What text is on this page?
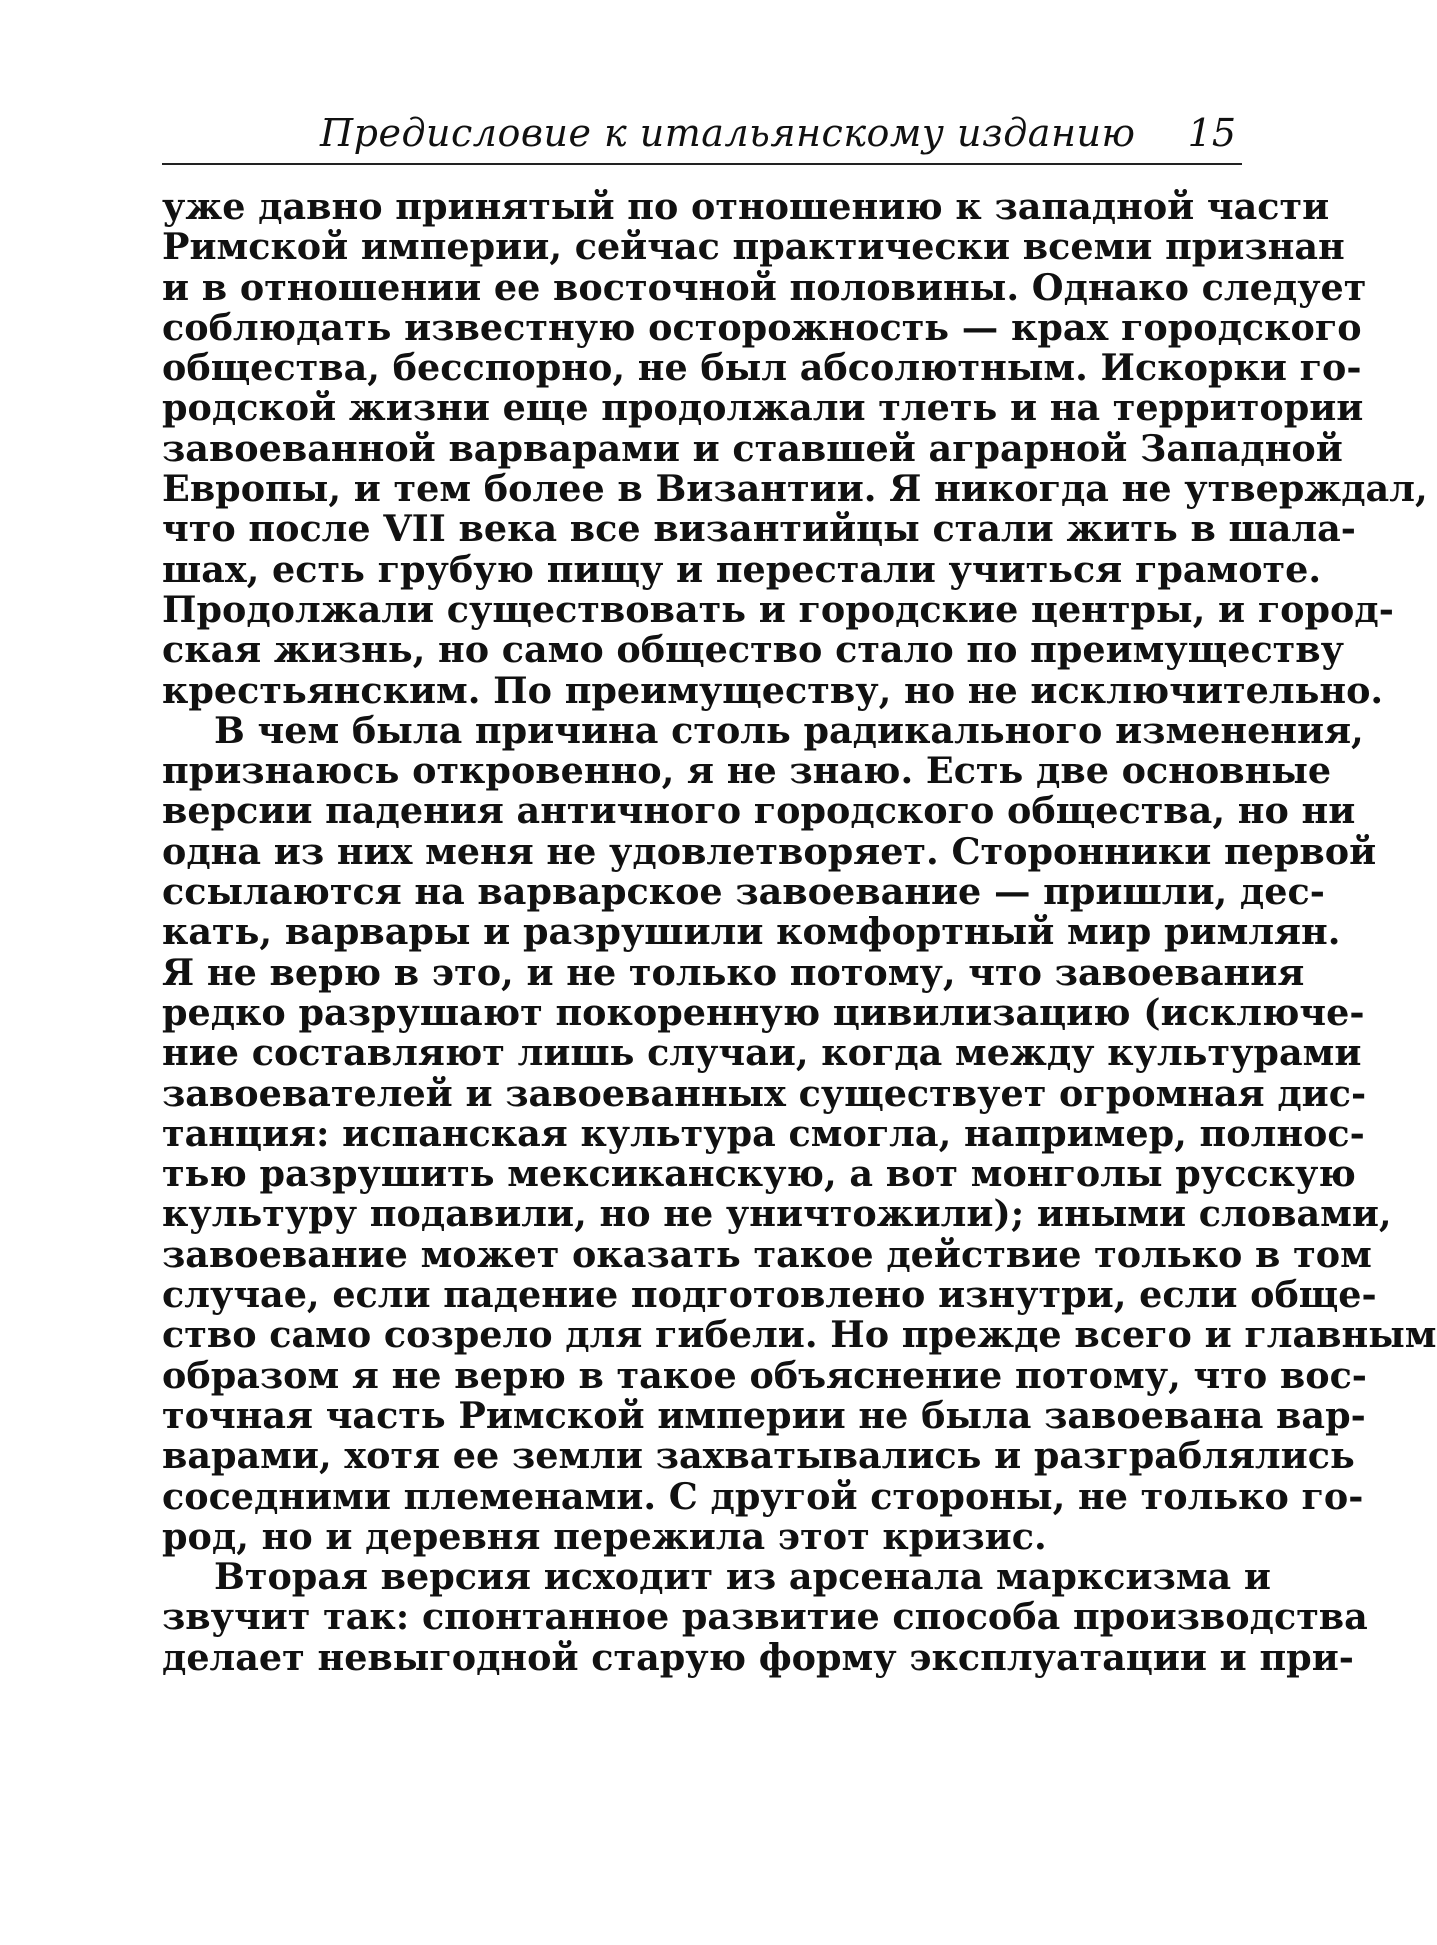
Предисловие к итальянскому изданию 15
уже давно принятый по отношению к западной части
Римской империи, сейчас практически всеми признан
и в отношении ее восточной половины. Однако следует
соблюдать известную осторожность — крах городского
общества, бесспорно, не был абсолютным. Искорки го-
родской жизни еще продолжали тлеть и на территории
завоеванной варварами и ставшей аграрной Западной
Европы, и тем более в Византии. Я никогда не утверждал,
что после VII века все византийцы стали жить в шала-
шах, есть грубую пищу и перестали учиться грамоте.
Продолжали существовать и городские центры, и город-
ская жизнь, но само общество стало по преимуществу
крестьянским. По преимуществу, но не исключительно.
В чем была причина столь радикального изменения,
признаюсь откровенно, я не знаю. Есть две основные
версии падения античного городского общества, но ни
одна из них меня не удовлетворяет. Сторонники первой
ссылаются на варварское завоевание — пришли, дес-
кать, варвары и разрушили комфортный мир римлян.
Я не верю в это, и не только потому, что завоевания
редко разрушают покоренную цивилизацию (исключе-
ние составляют лишь случаи, когда между культурами
завоевателей и завоеванных существует огромная дис-
танция: испанская культура смогла, например, полнос-
тью разрушить мексиканскую, а вот монголы русскую
культуру подавили, но не уничтожили); иными словами,
завоевание может оказать такое действие только в том
случае, если падение подготовлено изнутри, если обще-
ство само созрело для гибели. Но прежде всего и главным
образом я не верю в такое объяснение потому, что вос-
точная часть Римской империи не была завоевана вар-
варами, хотя ее земли захватывались и разграблялись
соседними племенами. С другой стороны, не только го-
род, но и деревня пережила этот кризис.
Вторая версия исходит из арсенала марксизма и
звучит так: спонтанное развитие способа производства
делает невыгодной старую форму эксплуатации и при-
